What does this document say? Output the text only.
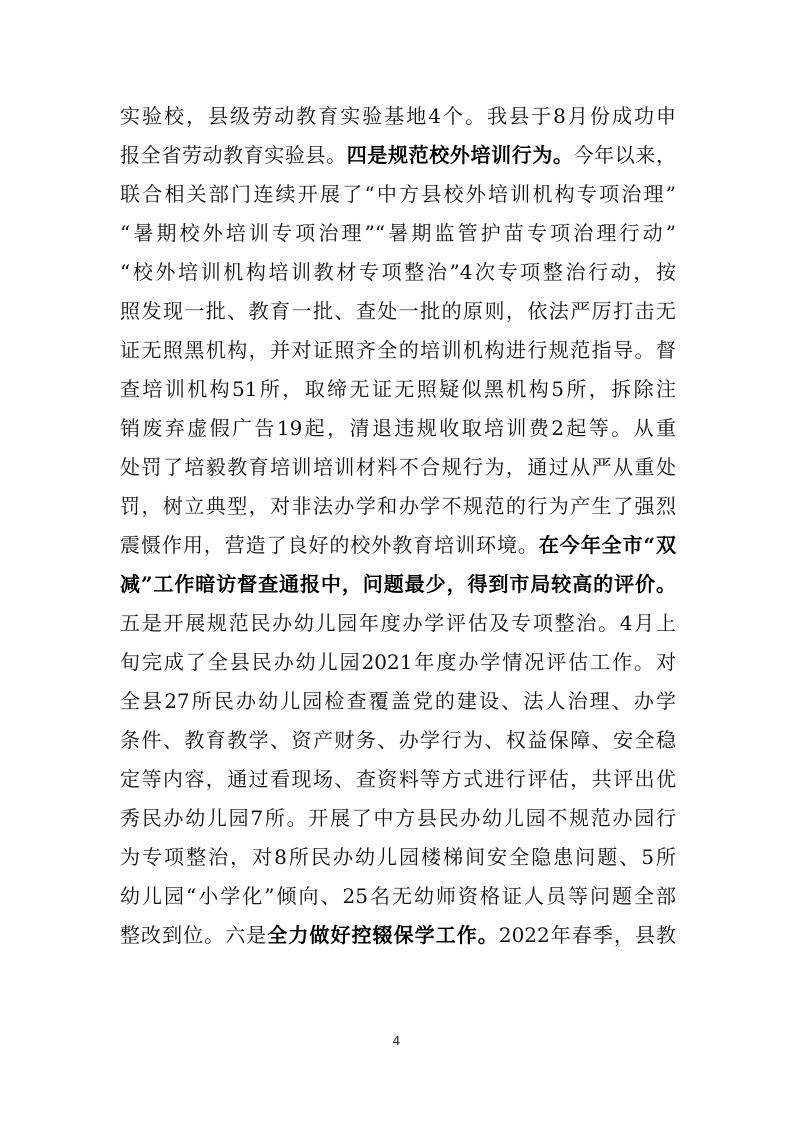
实验校，县级劳动教育实验基地4个。我县于8月份成功申
报全省劳动教育实验县。四是规范校外培训行为。今年以来，
联合相关部门连续开展了“中方县校外培训机构专项治理”
“暑期校外培训专项治理”“暑期监管护苗专项治理行动”
“校外培训机构培训教材专项整治”4次专项整治行动，按
照发现一批、教育一批、查处一批的原则，依法严厉打击无
证无照黑机构，并对证照齐全的培训机构进行规范指导。督
查培训机构51所，取缔无证无照疑似黑机构5所，拆除注
销废弃虚假广告19起，清退违规收取培训费2起等。从重
处罚了培毅教育培训培训材料不合规行为，通过从严从重处
罚，树立典型，对非法办学和办学不规范的行为产生了强烈
震慑作用，营造了良好的校外教育培训环境。在今年全市“双
减”工作暗访督查通报中，问题最少，得到市局较高的评价。
五是开展规范民办幼儿园年度办学评估及专项整治。4月上
旬完成了全县民办幼儿园2021年度办学情况评估工作。对
全县27所民办幼儿园检查覆盖党的建设、法人治理、办学
条件、教育教学、资产财务、办学行为、权益保障、安全稳
定等内容，通过看现场、查资料等方式进行评估，共评出优
秀民办幼儿园7所。开展了中方县民办幼儿园不规范办园行
为专项整治，对8所民办幼儿园楼梯间安全隐患问题、5所
幼儿园“小学化”倾向、25名无幼师资格证人员等问题全部
整改到位。六是全力做好控辍保学工作。2022年春季，县教
4
